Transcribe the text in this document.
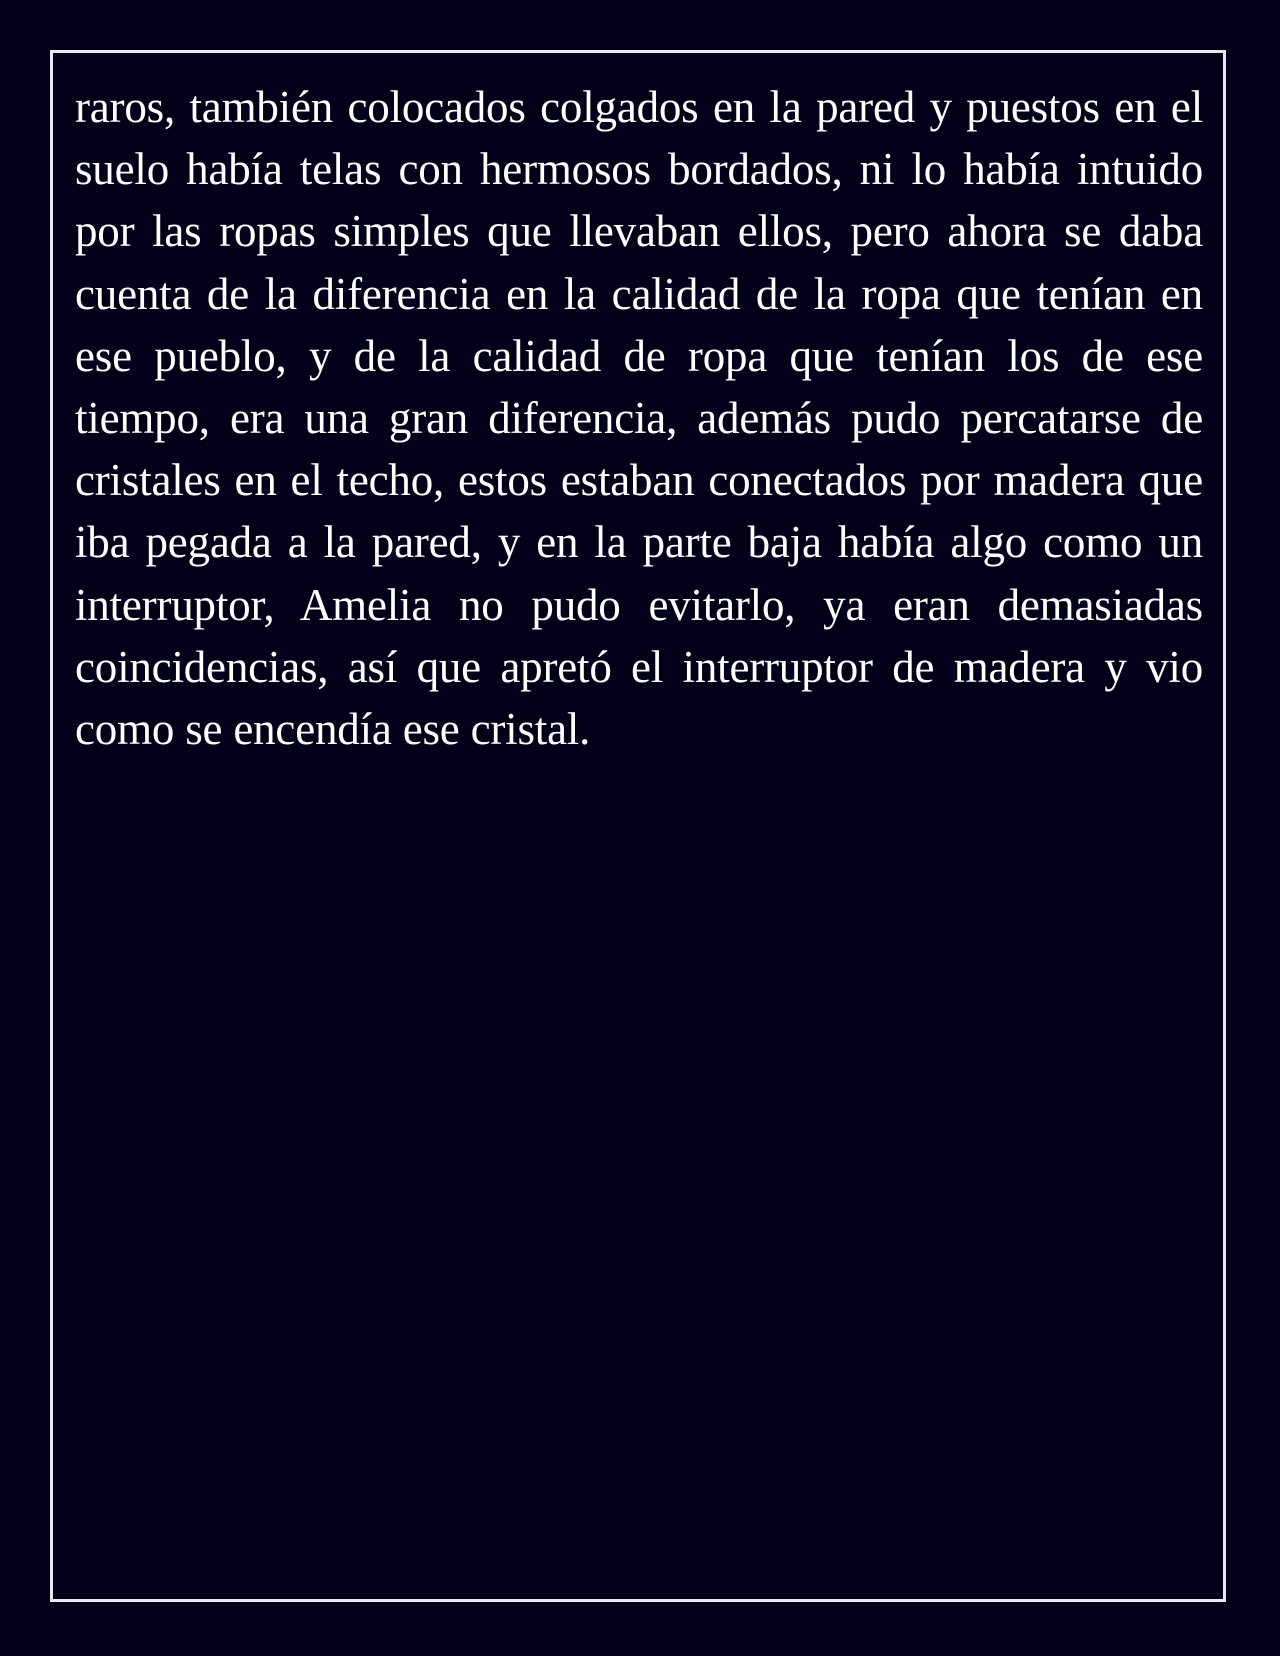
raros, también colocados colgados en la pared y puestos en el suelo había telas con hermosos bordados, ni lo había intuido por las ropas simples que llevaban ellos, pero ahora se daba cuenta de la diferencia en la calidad de la ropa que tenían en ese pueblo, y de la calidad de ropa que tenían los de ese tiempo, era una gran diferencia, además pudo percatarse de cristales en el techo, estos estaban conectados por madera que iba pegada a la pared, y en la parte baja había algo como un interruptor, Amelia no pudo evitarlo, ya eran demasiadas coincidencias, así que apretó el interruptor de madera y vio como se encendía ese cristal.
